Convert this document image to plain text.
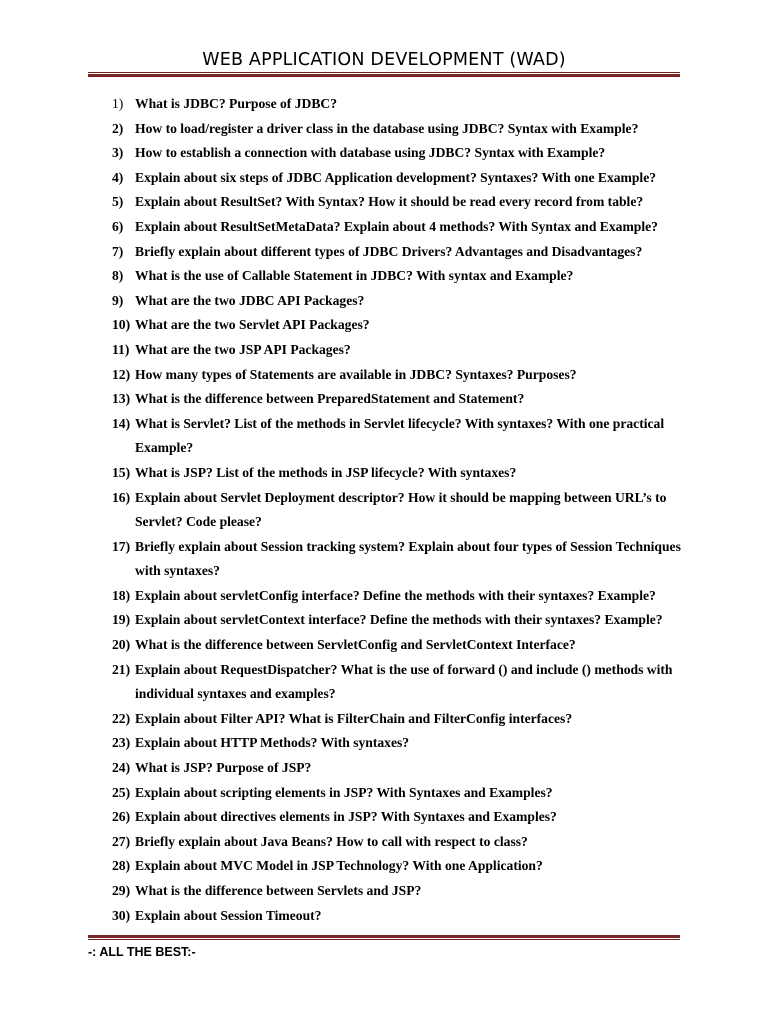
WEB APPLICATION DEVELOPMENT (WAD)
1) What is JDBC? Purpose of JDBC?
2) How to load/register a driver class in the database using JDBC? Syntax with Example?
3) How to establish a connection with database using JDBC? Syntax with Example?
4) Explain about six steps of JDBC Application development? Syntaxes? With one Example?
5) Explain about ResultSet? With Syntax? How it should be read every record from table?
6) Explain about ResultSetMetaData? Explain about 4 methods? With Syntax and Example?
7) Briefly explain about different types of JDBC Drivers? Advantages and Disadvantages?
8) What is the use of Callable Statement in JDBC? With syntax and Example?
9) What are the two JDBC API Packages?
10) What are the two Servlet API Packages?
11) What are the two JSP API Packages?
12) How many types of Statements are available in JDBC? Syntaxes? Purposes?
13) What is the difference between PreparedStatement and Statement?
14) What is Servlet? List of the methods in Servlet lifecycle? With syntaxes? With one practical Example?
15) What is JSP? List of the methods in JSP lifecycle? With syntaxes?
16) Explain about Servlet Deployment descriptor? How it should be mapping between URL’s to Servlet? Code please?
17) Briefly explain about Session tracking system? Explain about four types of Session Techniques with syntaxes?
18) Explain about servletConfig interface? Define the methods with their syntaxes? Example?
19) Explain about servletContext interface? Define the methods with their syntaxes? Example?
20) What is the difference between ServletConfig and ServletContext Interface?
21) Explain about RequestDispatcher? What is the use of forward () and include () methods with individual syntaxes and examples?
22) Explain about Filter API? What is FilterChain and FilterConfig interfaces?
23) Explain about HTTP Methods? With syntaxes?
24) What is JSP? Purpose of JSP?
25) Explain about scripting elements in JSP? With Syntaxes and Examples?
26) Explain about directives elements in JSP? With Syntaxes and Examples?
27) Briefly explain about Java Beans? How to call with respect to class?
28) Explain about MVC Model in JSP Technology? With one Application?
29) What is the difference between Servlets and JSP?
30) Explain about Session Timeout?
-: ALL THE BEST:-
